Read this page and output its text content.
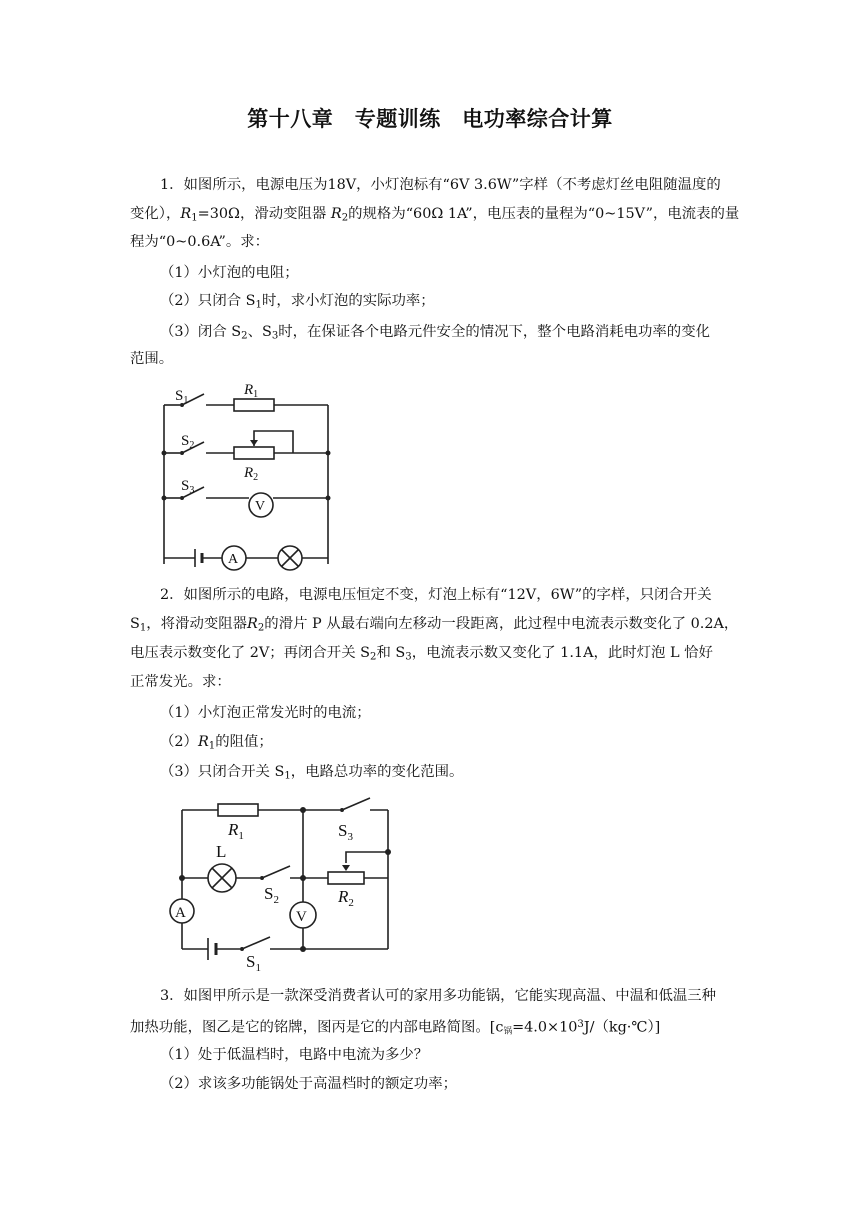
第十八章　专题训练　电功率综合计算

1．如图所示，电源电压为18V，小灯泡标有“6V 3.6W”字样（不考虑灯丝电阻随温度的

变化），$R_1=30\Omega$，滑动变阻器 $R_2$的规格为“60Ω 1A”，电压表的量程为“0~15V”，电流表的量

程为“0~0.6A”。求：

（1）小灯泡的电阻；
（2）只闭合 $S_1$时，求小灯泡的实际功率；
（3）闭合 $S_2$、$S_3$时，在保证各个电路元件安全的情况下，整个电路消耗电功率的变化

范围。

$S_1$
$R_1$
$S_2$
$R_2$
$S_3$
V
A

2．如图所示的电路，电源电压恒定不变，灯泡上标有“12V，6W”的字样，只闭合开关

$S_1$，将滑动变阻器$R_2$的滑片 P 从最右端向左移动一段距离，此过程中电流表示数变化了 0.2A，

电压表示数变化了 2V；再闭合开关 $S_2$和 $S_3$，电流表示数又变化了 1.1A，此时灯泡 L 恰好

正常发光。求：

（1）小灯泡正常发光时的电流；
$(2)R_1$的阻值；
（3）只闭合开关 $S_1$，电路总功率的变化范围。
$R_1$	$S_3$
L
$S_2$	$R_2$
$S_1$
A	V

3．如图甲所示是一款深受消费者认可的家用多功能锅，它能实现高温、中温和低温三种

加热功能，图乙是它的铭牌，图丙是它的内部电路简图。$[c_锅=4.0\times 10^3J/(kg\cdot℃)]$

（1）处于低温档时，电路中电流为多少？
（2）求该多功能锅处于高温档时的额定功率；
